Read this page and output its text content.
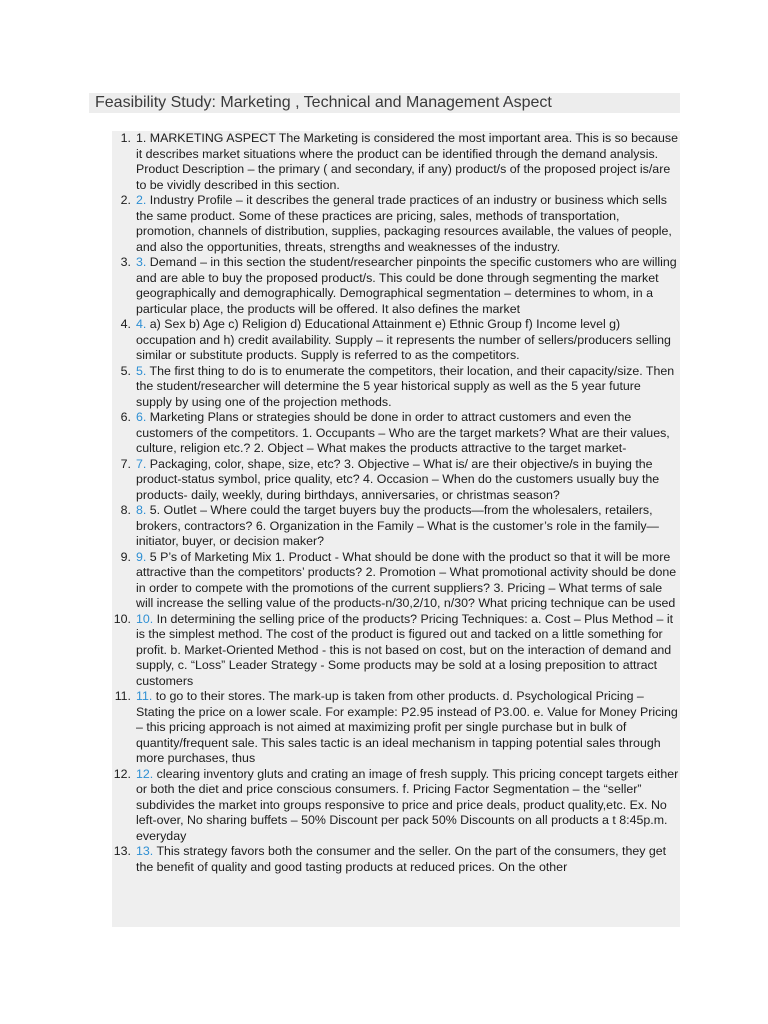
Feasibility Study: Marketing , Technical and Management Aspect
1. 1. MARKETING ASPECT The Marketing is considered the most important area. This is so because it describes market situations where the product can be identified through the demand analysis. Product Description – the primary ( and secondary, if any) product/s of the proposed project is/are to be vividly described in this section.
2. 2. Industry Profile – it describes the general trade practices of an industry or business which sells the same product. Some of these practices are pricing, sales, methods of transportation, promotion, channels of distribution, supplies, packaging resources available, the values of people, and also the opportunities, threats, strengths and weaknesses of the industry.
3. 3. Demand – in this section the student/researcher pinpoints the specific customers who are willing and are able to buy the proposed product/s. This could be done through segmenting the market geographically and demographically. Demographical segmentation – determines to whom, in a particular place, the products will be offered. It also defines the market
4. 4. a) Sex b) Age c) Religion d) Educational Attainment e) Ethnic Group f) Income level g) occupation and h) credit availability. Supply – it represents the number of sellers/producers selling similar or substitute products. Supply is referred to as the competitors.
5. 5. The first thing to do is to enumerate the competitors, their location, and their capacity/size. Then the student/researcher will determine the 5 year historical supply as well as the 5 year future supply by using one of the projection methods.
6. 6. Marketing Plans or strategies should be done in order to attract customers and even the customers of the competitors. 1. Occupants – Who are the target markets? What are their values, culture, religion etc.? 2. Object – What makes the products attractive to the target market-
7. 7. Packaging, color, shape, size, etc? 3. Objective – What is/ are their objective/s in buying the product-status symbol, price quality, etc? 4. Occasion – When do the customers usually buy the products- daily, weekly, during birthdays, anniversaries, or christmas season?
8. 8. 5. Outlet – Where could the target buyers buy the products—from the wholesalers, retailers, brokers, contractors? 6. Organization in the Family – What is the customer’s role in the family— initiator, buyer, or decision maker?
9. 9. 5 P’s of Marketing Mix 1. Product - What should be done with the product so that it will be more attractive than the competitors’ products? 2. Promotion – What promotional activity should be done in order to compete with the promotions of the current suppliers? 3. Pricing – What terms of sale will increase the selling value of the products-n/30,2/10, n/30? What pricing technique can be used
10. 10. In determining the selling price of the products? Pricing Techniques: a. Cost – Plus Method – it is the simplest method. The cost of the product is figured out and tacked on a little something for profit. b. Market-Oriented Method - this is not based on cost, but on the interaction of demand and supply, c. “Loss” Leader Strategy - Some products may be sold at a losing preposition to attract customers
11. 11. to go to their stores. The mark-up is taken from other products. d. Psychological Pricing – Stating the price on a lower scale. For example: P2.95 instead of P3.00. e. Value for Money Pricing – this pricing approach is not aimed at maximizing profit per single purchase but in bulk of quantity/frequent sale. This sales tactic is an ideal mechanism in tapping potential sales through more purchases, thus
12. 12. clearing inventory gluts and crating an image of fresh supply. This pricing concept targets either or both the diet and price conscious consumers. f. Pricing Factor Segmentation – the “seller” subdivides the market into groups responsive to price and price deals, product quality,etc. Ex. No left-over, No sharing buffets – 50% Discount per pack 50% Discounts on all products a t 8:45p.m. everyday
13. 13. This strategy favors both the consumer and the seller. On the part of the consumers, they get the benefit of quality and good tasting products at reduced prices. On the other
